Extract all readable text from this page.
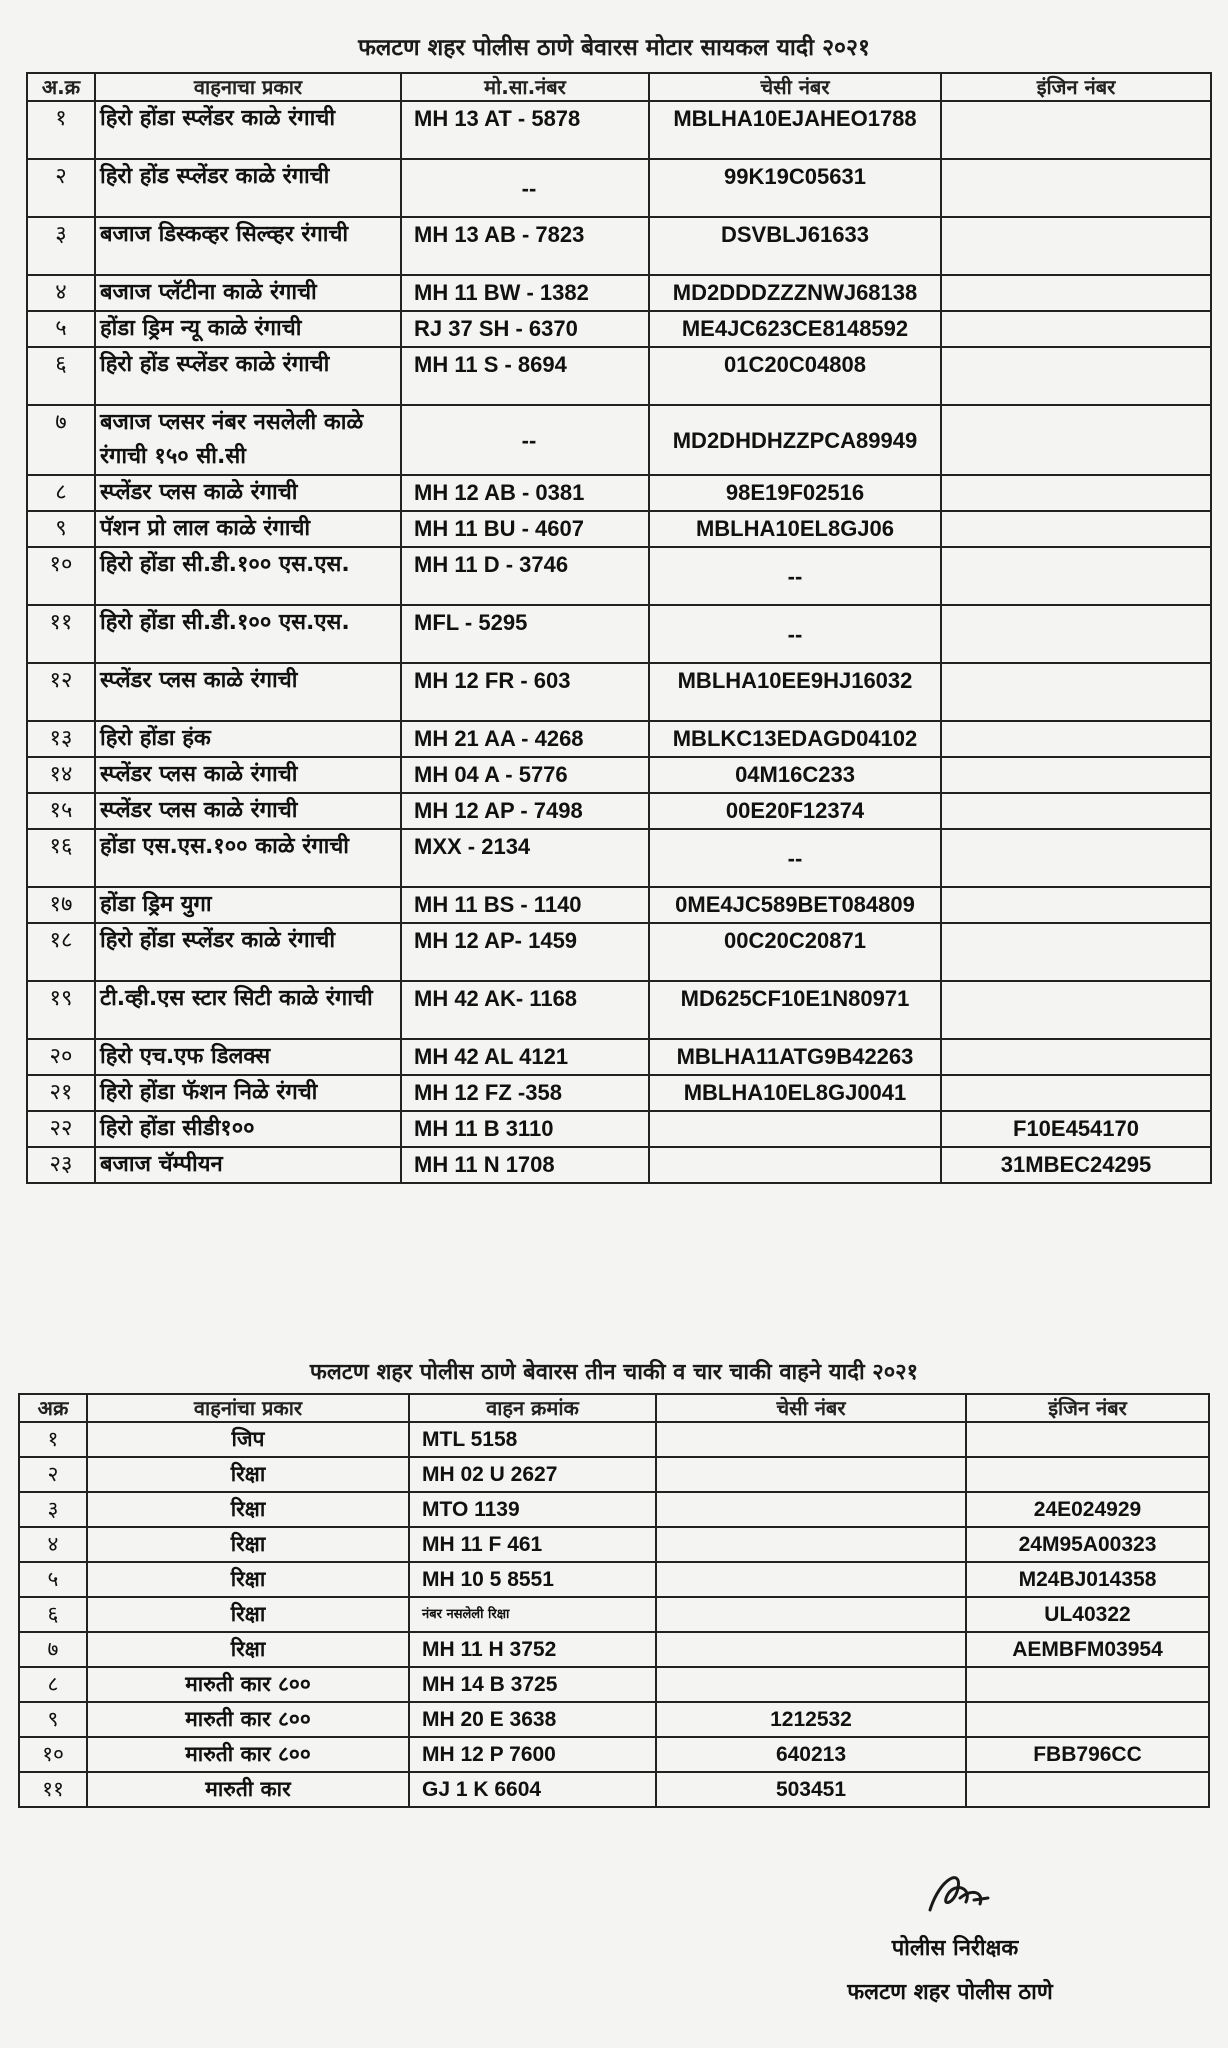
फलटण शहर पोलीस ठाणे बेवारस मोटार सायकल यादी २०२१
अ.क्र	वाहनाचा प्रकार	मो.सा.नंबर	चेसी नंबर	इंजिन नंबर
१	हिरो होंडा स्प्लेंडर काळे रंगाची	MH 13 AT - 5878	MBLHA10EJAHEO1788	
२	हिरो होंड स्प्लेंडर काळे रंगाची	--	99K19C05631	
३	बजाज डिस्कव्हर सिल्व्हर रंगाची	MH 13 AB - 7823	DSVBLJ61633	
४	बजाज प्लॅटीना काळे रंगाची	MH 11 BW - 1382	MD2DDDZZZNWJ68138	
५	होंडा ड्रिम न्यू काळे रंगाची	RJ 37 SH - 6370	ME4JC623CE8148592	
६	हिरो होंड स्प्लेंडर काळे रंगाची	MH 11 S - 8694	01C20C04808	
७	बजाज प्लसर नंबर नसलेली काळे रंगाची १५० सी.सी	--	MD2DHDHZZPCA89949	
८	स्प्लेंडर प्लस काळे रंगाची	MH 12 AB - 0381	98E19F02516	
९	पॅशन प्रो लाल काळे रंगाची	MH 11 BU - 4607	MBLHA10EL8GJ06	
१०	हिरो होंडा सी.डी.१०० एस.एस.	MH 11 D - 3746	--	
११	हिरो होंडा सी.डी.१०० एस.एस.	MFL - 5295	--	
१२	स्प्लेंडर प्लस काळे रंगाची	MH 12 FR - 603	MBLHA10EE9HJ16032	
१३	हिरो होंडा हंक	MH 21 AA - 4268	MBLKC13EDAGD04102	
१४	स्प्लेंडर प्लस काळे रंगाची	MH 04 A - 5776	04M16C233	
१५	स्प्लेंडर प्लस काळे रंगाची	MH 12 AP - 7498	00E20F12374	
१६	होंडा एस.एस.१०० काळे रंगाची	MXX - 2134	--	
१७	होंडा ड्रिम युगा	MH 11 BS - 1140	0ME4JC589BET084809	
१८	हिरो होंडा स्प्लेंडर काळे रंगाची	MH 12 AP- 1459	00C20C20871	
१९	टी.व्ही.एस स्टार सिटी काळे रंगाची	MH 42 AK- 1168	MD625CF10E1N80971	
२०	हिरो एच.एफ डिलक्स	MH 42 AL 4121	MBLHA11ATG9B42263	
२१	हिरो होंडा फॅशन निळे रंगची	MH 12 FZ -358	MBLHA10EL8GJ0041	
२२	हिरो होंडा सीडी१००	MH 11 B 3110		F10E454170
२३	बजाज चॅम्पीयन	MH 11 N 1708		31MBEC24295
फलटण शहर पोलीस ठाणे बेवारस तीन चाकी व चार चाकी वाहने यादी २०२१
अक्र	वाहनांचा प्रकार	वाहन क्रमांक	चेसी नंबर	इंजिन नंबर
१	जिप	MTL 5158		
२	रिक्षा	MH 02 U 2627		
३	रिक्षा	MTO 1139		24E024929
४	रिक्षा	MH 11 F 461		24M95A00323
५	रिक्षा	MH 10 5 8551		M24BJ014358
६	रिक्षा	नंबर नसलेली रिक्षा		UL40322
७	रिक्षा	MH 11 H 3752		AEMBFM03954
८	मारुती कार ८००	MH 14 B 3725		
९	मारुती कार ८००	MH 20 E 3638	1212532	
१०	मारुती कार ८००	MH 12 P 7600	640213	FBB796CC
११	मारुती कार	GJ 1 K 6604	503451	
पोलीस निरीक्षक
फलटण शहर पोलीस ठाणे
